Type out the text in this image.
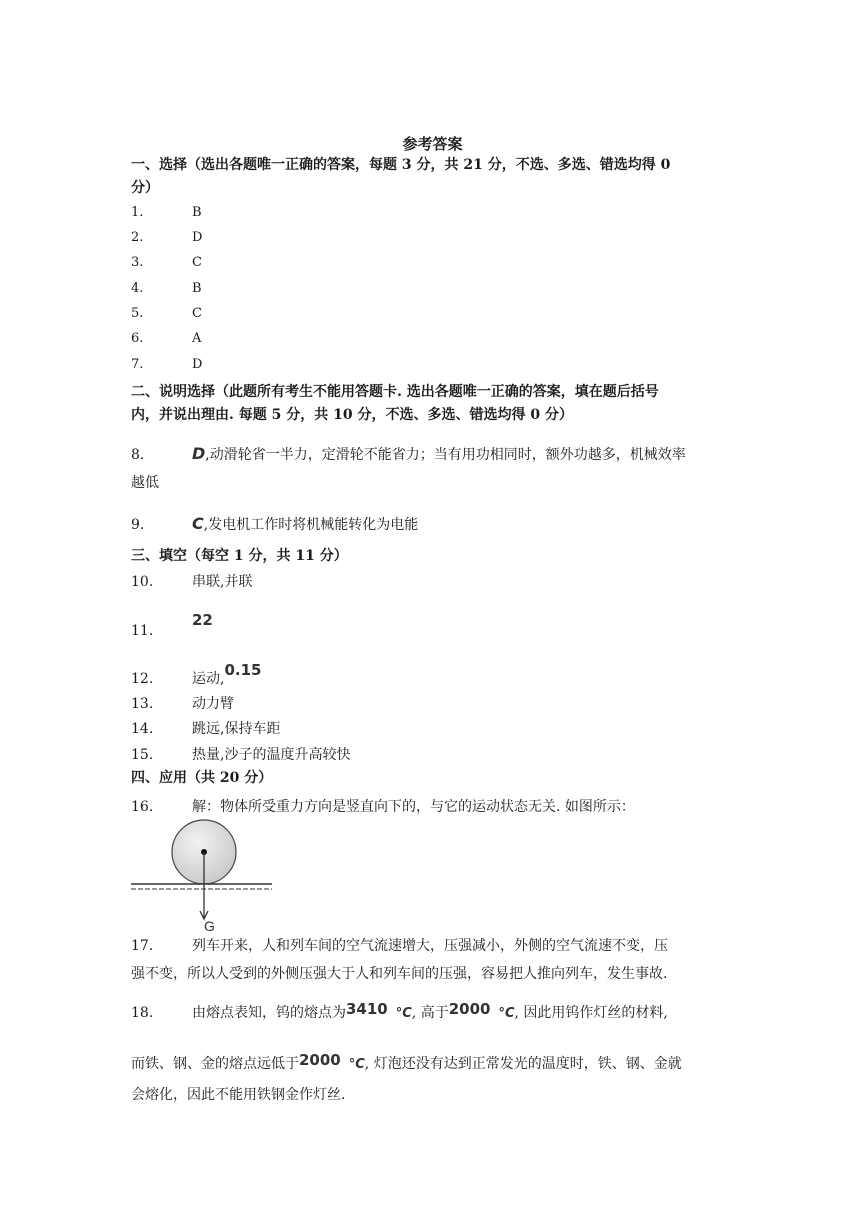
参考答案
一、选择（选出各题唯一正确的答案，每题 3 分，共 21 分，不选、多选、错选均得 0
分）
1.	B
2.	D
3.	C
4.	B
5.	C
6.	A
7.	D
二、说明选择（此题所有考生不能用答题卡. 选出各题唯一正确的答案，填在题后括号
内，并说出理由. 每题 5 分，共 10 分，不选、多选、错选均得 0 分）
8.	D,动滑轮省一半力，定滑轮不能省力；当有用功相同时，额外功越多，机械效率
越低
9.	C,发电机工作时将机械能转化为电能
三、填空（每空 1 分，共 11 分）
10.	串联,并联
11.22
12.	运动,0.15
13.	动力臂
14.	跳远,保持车距
15.	热量,沙子的温度升高较快
四、应用（共 20 分）
16.	解：物体所受重力方向是竖直向下的，与它的运动状态无关. 如图所示：
G
17.	列车开来，人和列车间的空气流速增大，压强减小，外侧的空气流速不变，压
强不变，所以人受到的外侧压强大于人和列车间的压强，容易把人推向列车，发生事故.
18.	由熔点表知，钨的熔点为3410 °C, 高于2000 °C, 因此用钨作灯丝的材料,
而铁、钢、金的熔点远低于2000 °C, 灯泡还没有达到正常发光的温度时，铁、钢、金就
会熔化，因此不能用铁钢金作灯丝.
